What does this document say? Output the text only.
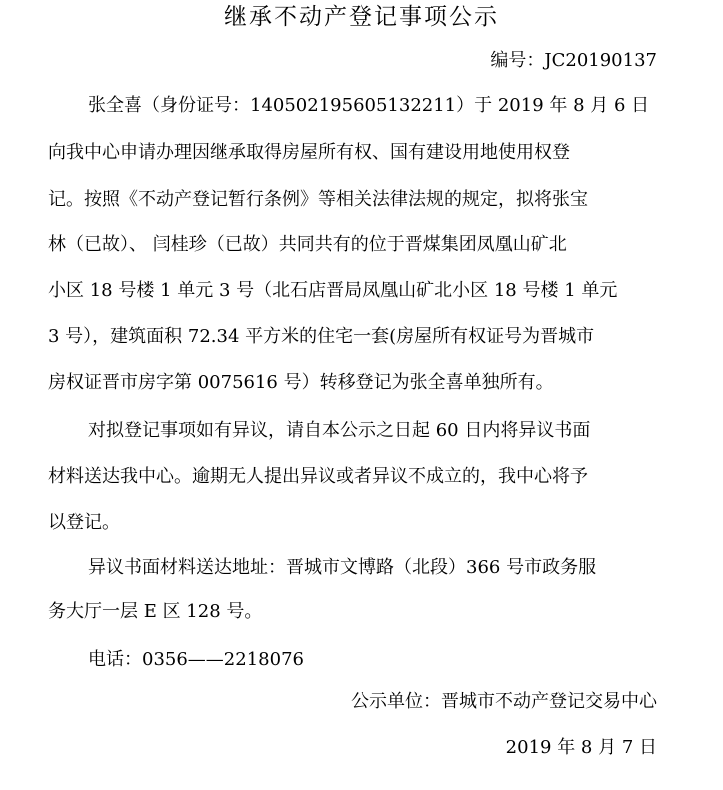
继承不动产登记事项公示
编号：JC20190137
张全喜（身份证号：140502195605132211）于 2019 年 8 月 6 日
向我中心申请办理因继承取得房屋所有权、国有建设用地使用权登
记。按照《不动产登记暂行条例》等相关法律法规的规定，拟将张宝
林（已故）、 闫桂珍（已故）共同共有的位于晋煤集团凤凰山矿北
小区 18 号楼 1 单元 3 号（北石店晋局凤凰山矿北小区 18 号楼 1 单元
3 号），建筑面积 72.34 平方米的住宅一套(房屋所有权证号为晋城市
房权证晋市房字第 0075616 号）转移登记为张全喜单独所有。
对拟登记事项如有异议，请自本公示之日起 60 日内将异议书面
材料送达我中心。逾期无人提出异议或者异议不成立的，我中心将予
以登记。
异议书面材料送达地址：晋城市文博路（北段）366 号市政务服
务大厅一层 E 区 128 号。
电话：0356——2218076
公示单位：晋城市不动产登记交易中心
2019 年 8 月 7 日
